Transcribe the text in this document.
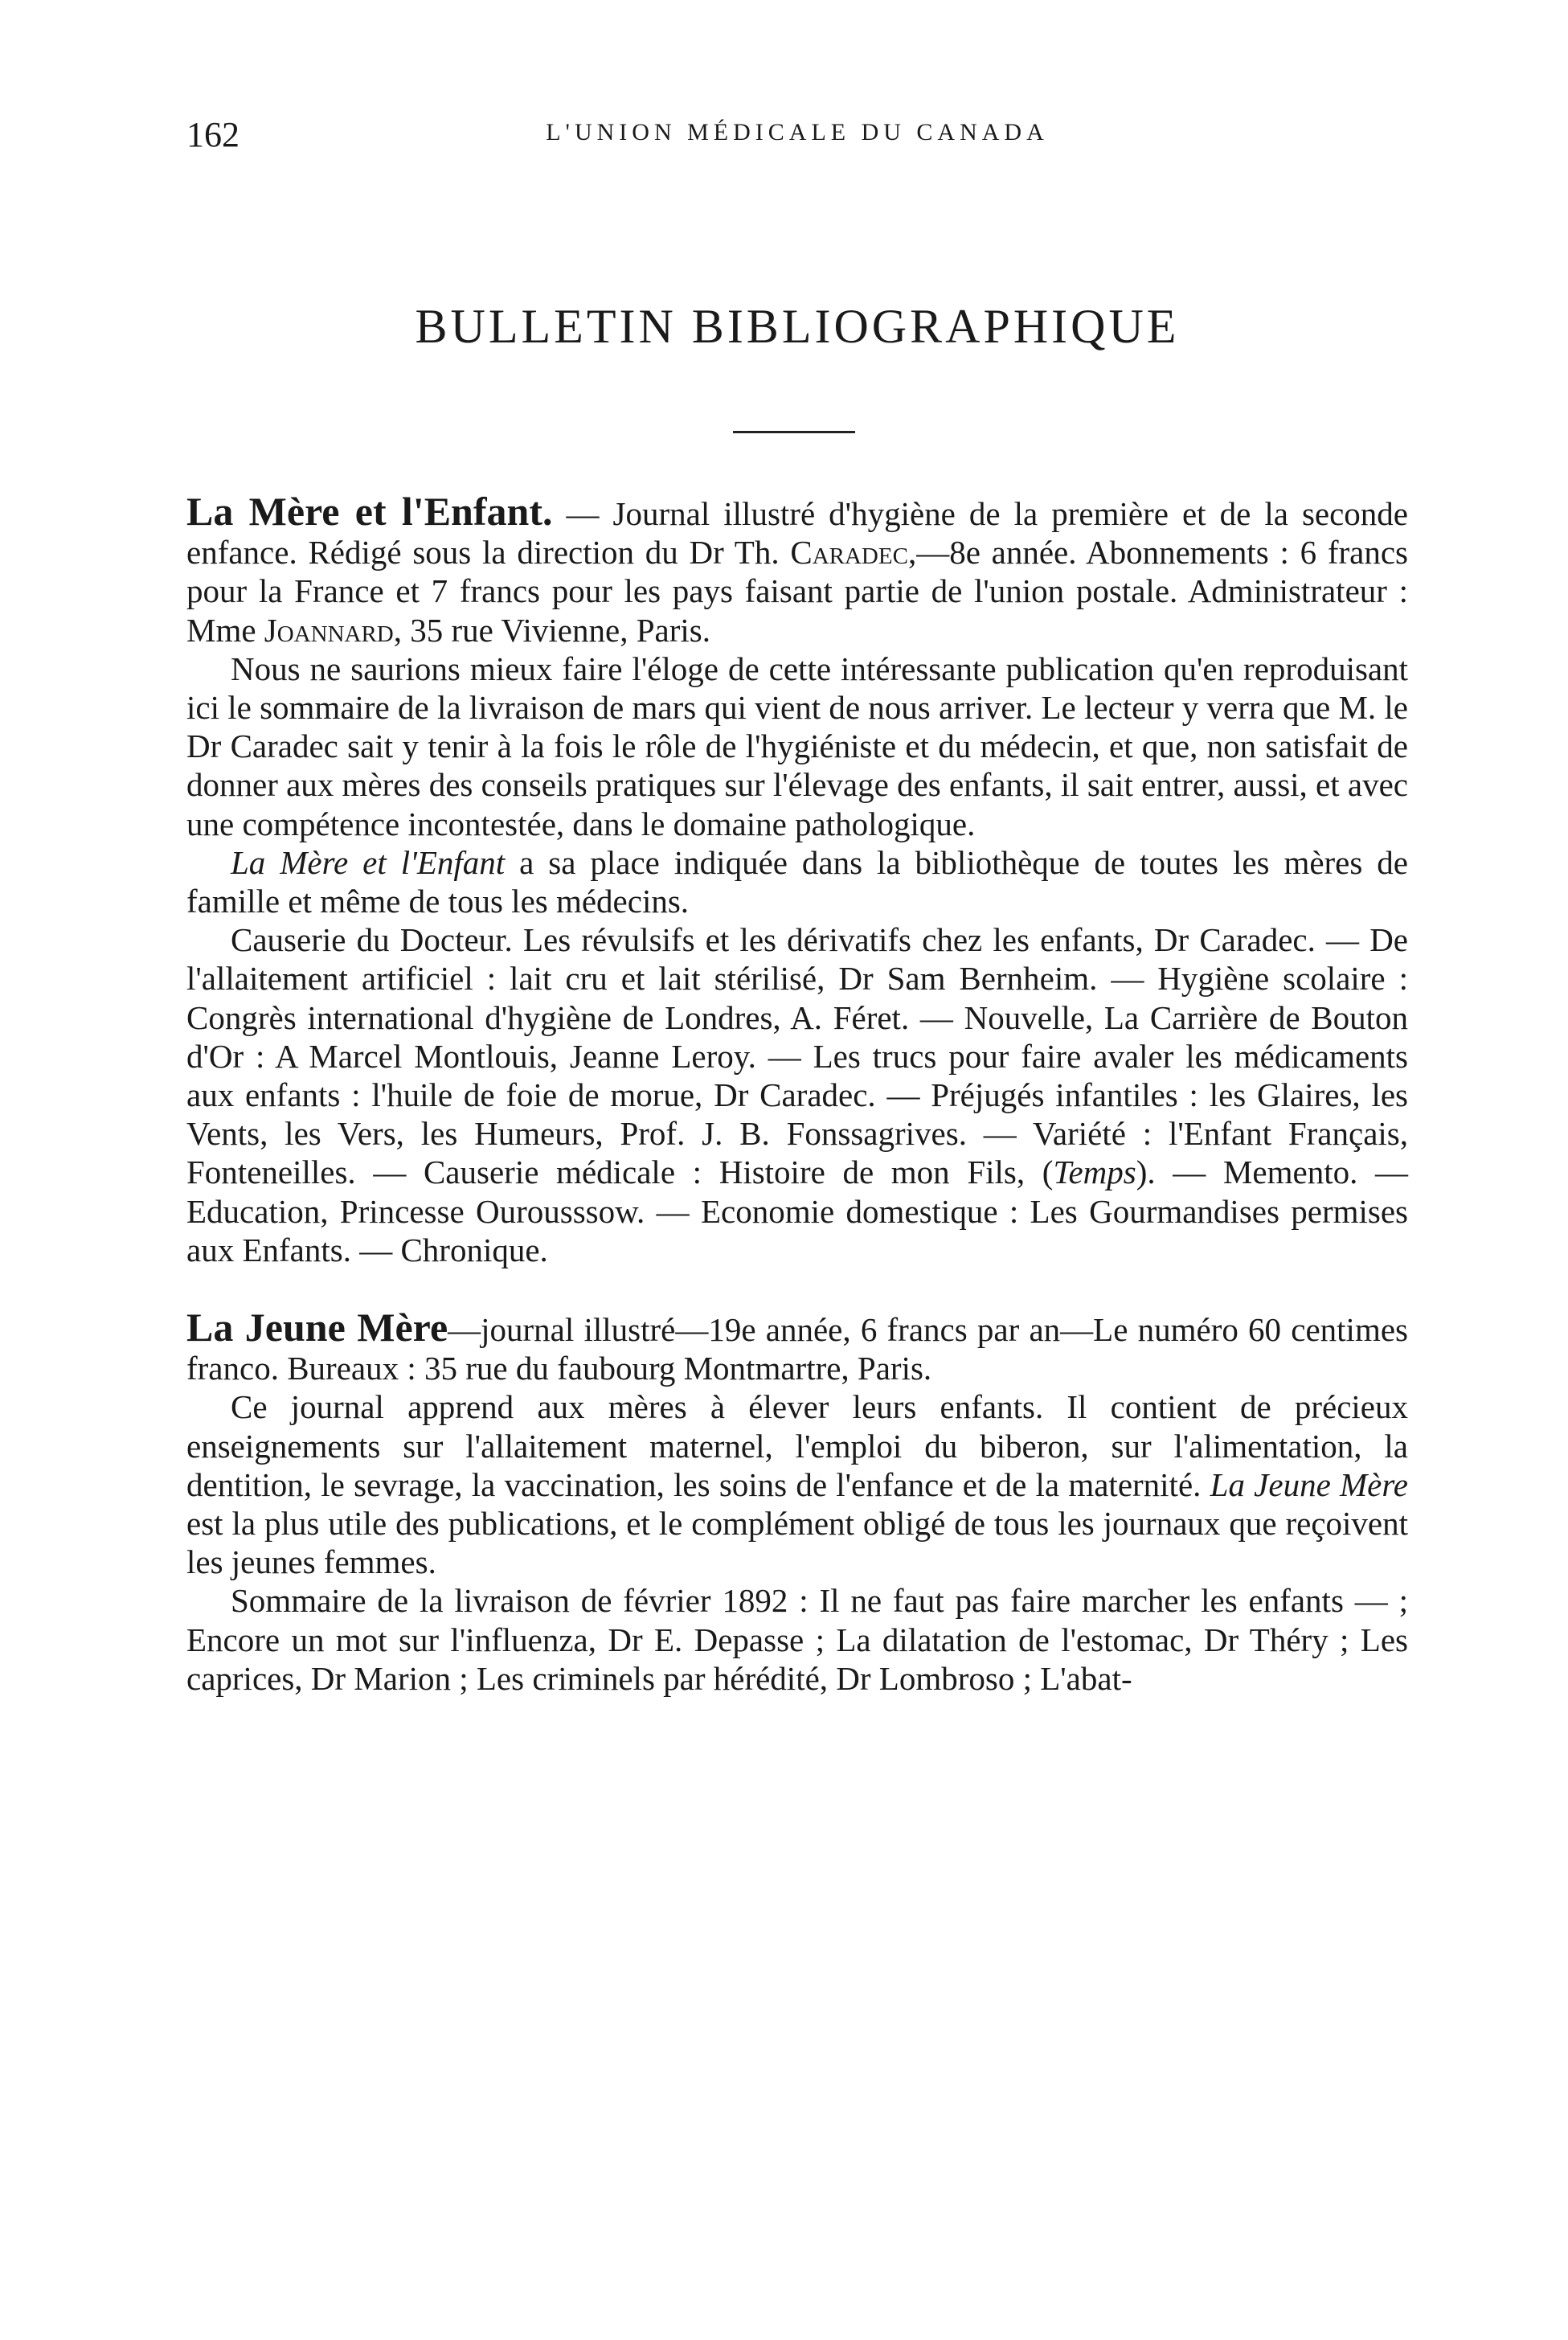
162	L'UNION MÉDICALE DU CANADA
BULLETIN BIBLIOGRAPHIQUE

La Mère et l'Enfant. — Journal illustré d'hygiène de la première et de la seconde enfance. Rédigé sous la direction du Dr Th. Caradec,—8e année. Abonnements : 6 francs pour la France et 7 francs pour les pays faisant partie de l'union postale. Administrateur : Mme Joannard, 35 rue Vivienne, Paris.

Nous ne saurions mieux faire l'éloge de cette intéressante publication qu'en reproduisant ici le sommaire de la livraison de mars qui vient de nous arriver. Le lecteur y verra que M. le Dr Caradec sait y tenir à la fois le rôle de l'hygiéniste et du médecin, et que, non satisfait de donner aux mères des conseils pratiques sur l'élevage des enfants, il sait entrer, aussi, et avec une compétence incontestée, dans le domaine pathologique.

La Mère et l'Enfant a sa place indiquée dans la bibliothèque de toutes les mères de famille et même de tous les médecins.

Causerie du Docteur. Les révulsifs et les dérivatifs chez les enfants, Dr Caradec. — De l'allaitement artificiel : lait cru et lait stérilisé, Dr Sam Bernheim. — Hygiène scolaire : Congrès international d'hygiène de Londres, A. Féret. — Nouvelle, La Carrière de Bouton d'Or : A Marcel Montlouis, Jeanne Leroy. — Les trucs pour faire avaler les médicaments aux enfants : l'huile de foie de morue, Dr Caradec. — Préjugés infantiles : les Glaires, les Vents, les Vers, les Humeurs, Prof. J. B. Fonssagrives. — Variété : l'Enfant Français, Fonteneilles. — Causerie médicale : Histoire de mon Fils, (Temps). — Memento. — Education, Princesse Ourousssow. — Economie domestique : Les Gourmandises permises aux Enfants. — Chronique.

La Jeune Mère—journal illustré—19e année, 6 francs par an—Le numéro 60 centimes franco. Bureaux : 35 rue du faubourg Montmartre, Paris.

Ce journal apprend aux mères à élever leurs enfants. Il contient de précieux enseignements sur l'allaitement maternel, l'emploi du biberon, sur l'alimentation, la dentition, le sevrage, la vaccination, les soins de l'enfance et de la maternité. La Jeune Mère est la plus utile des publications, et le complément obligé de tous les journaux que reçoivent les jeunes femmes.

Sommaire de la livraison de février 1892 : Il ne faut pas faire marcher les enfants — ; Encore un mot sur l'influenza, Dr E. Depasse ; La dilatation de l'estomac, Dr Théry ; Les caprices, Dr Marion ; Les criminels par hérédité, Dr Lombroso ; L'abat-
